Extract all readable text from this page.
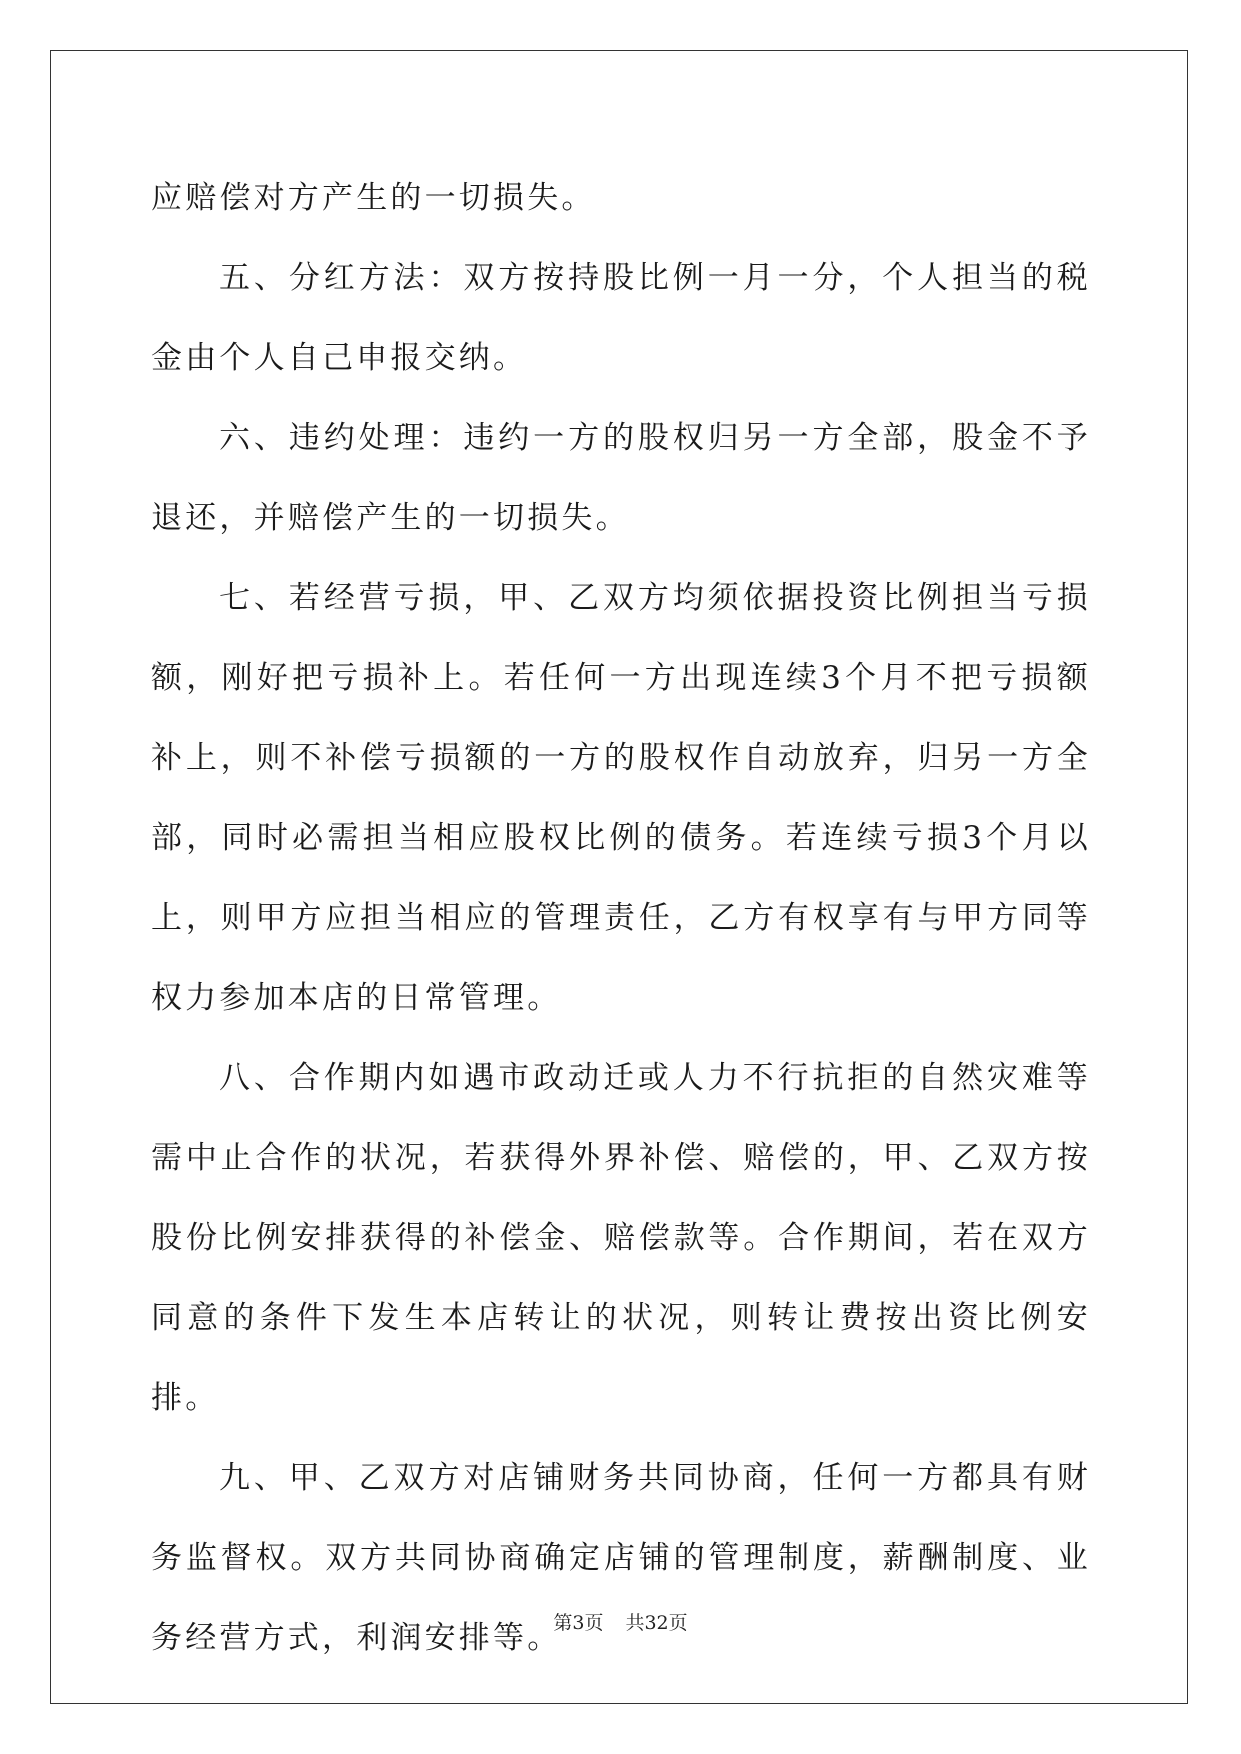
应赔偿对方产生的一切损失。

五、分红方法：双方按持股比例一月一分，个人担当的税金由个人自己申报交纳。

六、违约处理：违约一方的股权归另一方全部，股金不予退还，并赔偿产生的一切损失。

七、若经营亏损，甲、乙双方均须依据投资比例担当亏损额，刚好把亏损补上。若任何一方出现连续3个月不把亏损额补上，则不补偿亏损额的一方的股权作自动放弃，归另一方全部，同时必需担当相应股权比例的债务。若连续亏损3个月以上，则甲方应担当相应的管理责任，乙方有权享有与甲方同等权力参加本店的日常管理。

八、合作期内如遇市政动迁或人力不行抗拒的自然灾难等需中止合作的状况，若获得外界补偿、赔偿的，甲、乙双方按股份比例安排获得的补偿金、赔偿款等。合作期间，若在双方同意的条件下发生本店转让的状况，则转让费按出资比例安排。

九、甲、乙双方对店铺财务共同协商，任何一方都具有财务监督权。双方共同协商确定店铺的管理制度，薪酬制度、业务经营方式，利润安排等。

第3页 共32页
